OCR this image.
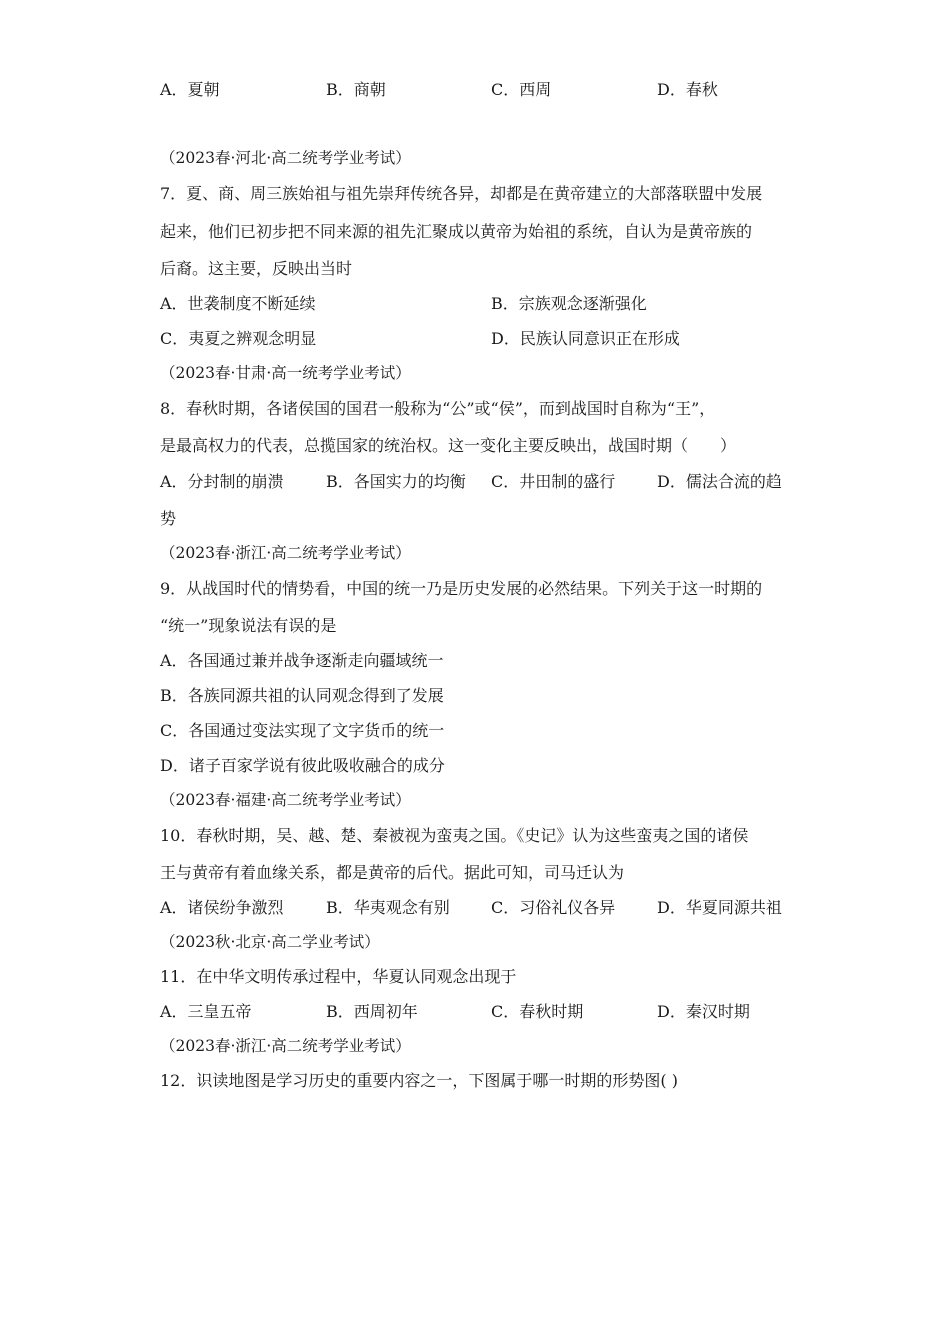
A．夏朝	B．商朝	C．西周	D．春秋
（2023春·河北·高二统考学业考试）
7．夏、商、周三族始祖与祖先崇拜传统各异，却都是在黄帝建立的大部落联盟中发展
起来，他们已初步把不同来源的祖先汇聚成以黄帝为始祖的系统，自认为是黄帝族的
后裔。这主要，反映出当时
A．世袭制度不断延续	B．宗族观念逐渐强化
C．夷夏之辨观念明显	D．民族认同意识正在形成
（2023春·甘肃·高一统考学业考试）
8．春秋时期，各诸侯国的国君一般称为“公”或“侯”，而到战国时自称为“王”，
是最高权力的代表，总揽国家的统治权。这一变化主要反映出，战国时期（　　）
A．分封制的崩溃	B．各国实力的均衡 C．井田制的盛行	D．儒法合流的趋
势
（2023春·浙江·高二统考学业考试）
9．从战国时代的情势看，中国的统一乃是历史发展的必然结果。下列关于这一时期的
“统一”现象说法有误的是
A．各国通过兼并战争逐渐走向疆域统一
B．各族同源共祖的认同观念得到了发展
C．各国通过变法实现了文字货币的统一
D．诸子百家学说有彼此吸收融合的成分
（2023春·福建·高二统考学业考试）
10．春秋时期，吴、越、楚、秦被视为蛮夷之国。《史记》认为这些蛮夷之国的诸侯
王与黄帝有着血缘关系，都是黄帝的后代。据此可知，司马迁认为
A．诸侯纷争激烈	B．华夷观念有别	C．习俗礼仪各异	D．华夏同源共祖
（2023秋·北京·高二学业考试）
11．在中华文明传承过程中，华夏认同观念出现于
A．三皇五帝	B．西周初年	C．春秋时期	D．秦汉时期
（2023春·浙江·高二统考学业考试）
12．识读地图是学习历史的重要内容之一，下图属于哪一时期的形势图( )
